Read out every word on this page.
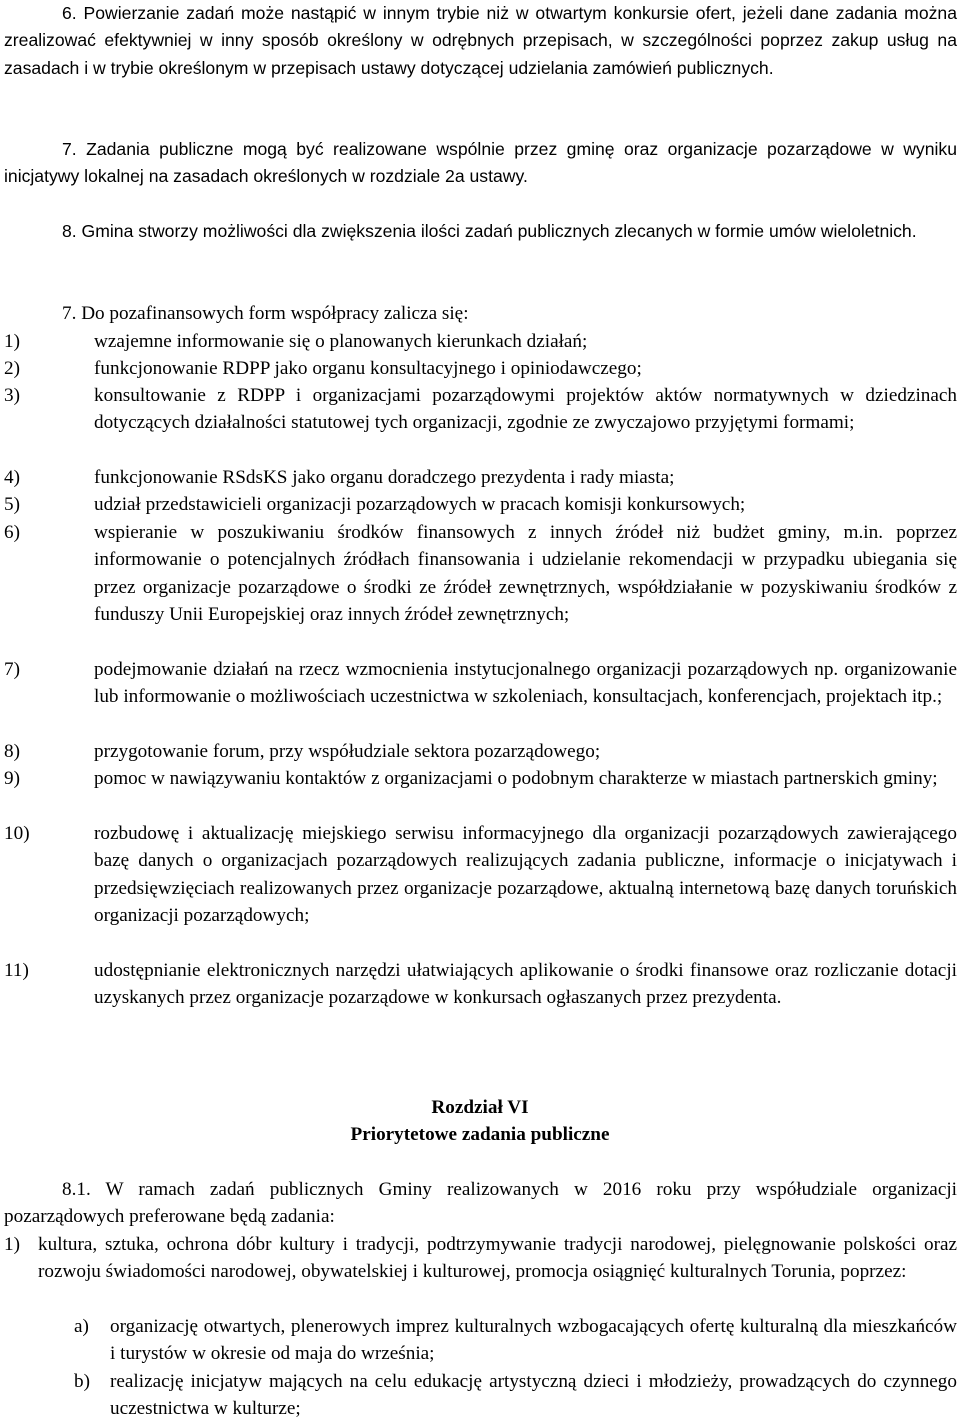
6. Powierzanie zadań może nastąpić w innym trybie niż w otwartym konkursie ofert, jeżeli dane zadania można zrealizować efektywniej w inny sposób określony w odrębnych przepisach, w szczególności poprzez zakup usług na zasadach i w trybie określonym w przepisach ustawy dotyczącej udzielania zamówień publicznych.

7. Zadania publiczne mogą być realizowane wspólnie przez gminę oraz organizacje pozarządowe w wyniku inicjatywy lokalnej na zasadach określonych w rozdziale 2a ustawy.

8. Gmina stworzy możliwości dla zwiększenia ilości zadań publicznych zlecanych w formie umów wieloletnich.

7. Do pozafinansowych form współpracy zalicza się:

1)	wzajemne informowanie się o planowanych kierunkach działań;
2)	funkcjonowanie RDPP jako organu konsultacyjnego i opiniodawczego;
3)	konsultowanie z RDPP i organizacjami pozarządowymi projektów aktów normatywnych w dziedzinach dotyczących działalności statutowej tych organizacji, zgodnie ze zwyczajowo przyjętymi formami;
4)	funkcjonowanie RSdsKS jako organu doradczego prezydenta i rady miasta;
5)	udział przedstawicieli organizacji pozarządowych w pracach komisji konkursowych;
6)	wspieranie w poszukiwaniu środków finansowych z innych źródeł niż budżet gminy, m.in. poprzez informowanie o potencjalnych źródłach finansowania i udzielanie rekomendacji w przypadku ubiegania się przez organizacje pozarządowe o środki ze źródeł zewnętrznych, współdziałanie w pozyskiwaniu środków z funduszy Unii Europejskiej oraz innych źródeł zewnętrznych;
7)	podejmowanie działań na rzecz wzmocnienia instytucjonalnego organizacji pozarządowych np. organizowanie lub informowanie o możliwościach uczestnictwa w szkoleniach, konsultacjach, konferencjach, projektach itp.;
8)	przygotowanie forum, przy współudziale sektora pozarządowego;
9)	pomoc w nawiązywaniu kontaktów z organizacjami o podobnym charakterze w miastach partnerskich gminy;
10)	rozbudowę i aktualizację miejskiego serwisu informacyjnego dla organizacji pozarządowych zawierającego bazę danych o organizacjach pozarządowych realizujących zadania publiczne, informacje o inicjatywach i przedsięwzięciach realizowanych przez organizacje pozarządowe, aktualną internetową bazę danych toruńskich organizacji pozarządowych;
11)	udostępnianie elektronicznych narzędzi ułatwiających aplikowanie o środki finansowe oraz rozliczanie dotacji uzyskanych przez organizacje pozarządowe w konkursach ogłaszanych przez prezydenta.
Rozdział VI
Priorytetowe zadania publiczne

8.1. W ramach zadań publicznych Gminy realizowanych w 2016 roku przy współudziale organizacji pozarządowych preferowane będą zadania:

1) kultura, sztuka, ochrona dóbr kultury i tradycji, podtrzymywanie tradycji narodowej, pielęgnowanie polskości oraz rozwoju świadomości narodowej, obywatelskiej i kulturowej, promocja osiągnięć kulturalnych Torunia, poprzez:
a) organizację otwartych, plenerowych imprez kulturalnych wzbogacających ofertę kulturalną dla mieszkańców i turystów w okresie od maja do września;
b) realizację inicjatyw mających na celu edukację artystyczną dzieci i młodzieży, prowadzących do czynnego uczestnictwa w kulturze;
